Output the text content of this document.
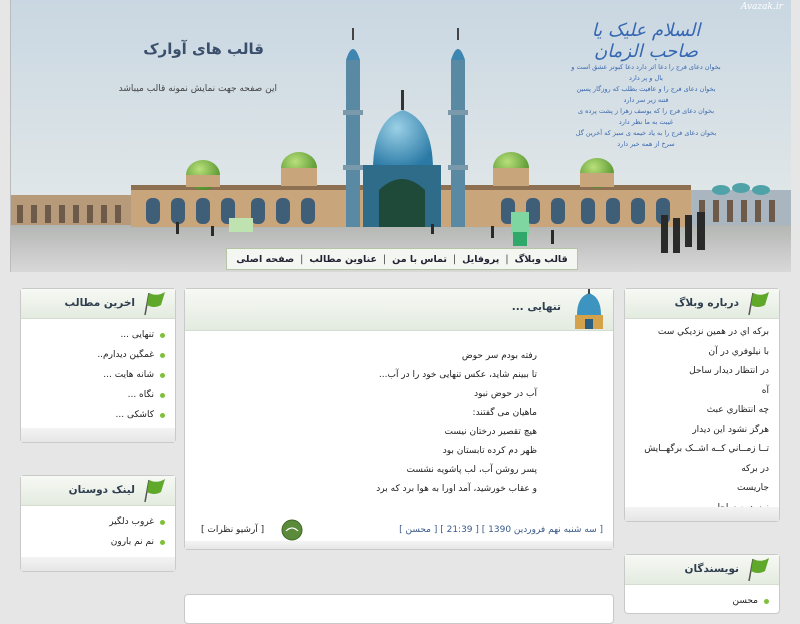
Avazak.ir
قالب های آوارک
این صفحه جهت نمایش نمونه قالب میباشد
السلام علیک یا صاحب الزمان
بخوان دعای فرج را دعا اثر دارد دعا کبوتر عشق است و بال و پر دارد
بخوان دعای فرج را و عافیت بطلب که روزگار پسین فتنه زیر سر دارد
بخوان دعای فرج را که یوسف زهرا ز پشت پرده ی غیبت به ما نظر دارد
بخوان دعای فرج را به یاد خیمه ی سبز که آخرین گل سرخ از همه خبر دارد
صفحه اصلی | عناوین مطالب | تماس با من | پروفایل | قالب وبلاگ
اخرین مطالب
تنهایی ...
غمگین دیدارم..
شانه هایت ...
نگاه ...
کاشکی ...
لینک دوستان
غروب دلگیر
نم نم بارون
تنهایی ...

رفته بودم سر حوض

تا ببینم شاید، عکس تنهایی خود را در آب...

آب در حوض نبود

ماهیان می گفتند:

هیچ تقصیر درختان نیست

ظهر دم کرده تابستان بود

پسر روشن آب، لب پاشویه نشست

و عقاب خورشید، آمد اورا به هوا برد که برد

[ سه شنبه نهم فروردین 1390 ] [ 21:39 ] [ محسن ]
[ آرشیو نظرات ]
درباره وبلاگ
برکه اي در همين نزديکي ست
با نيلوفري در آن
در انتظار ديدار ساحل
آه
چه انتظاري عبث
هرگز نشود اين ديدار
تــا زمــاني کــه اشــک برگهــايش در برکه
جاريست
نویسندگان
محسن
